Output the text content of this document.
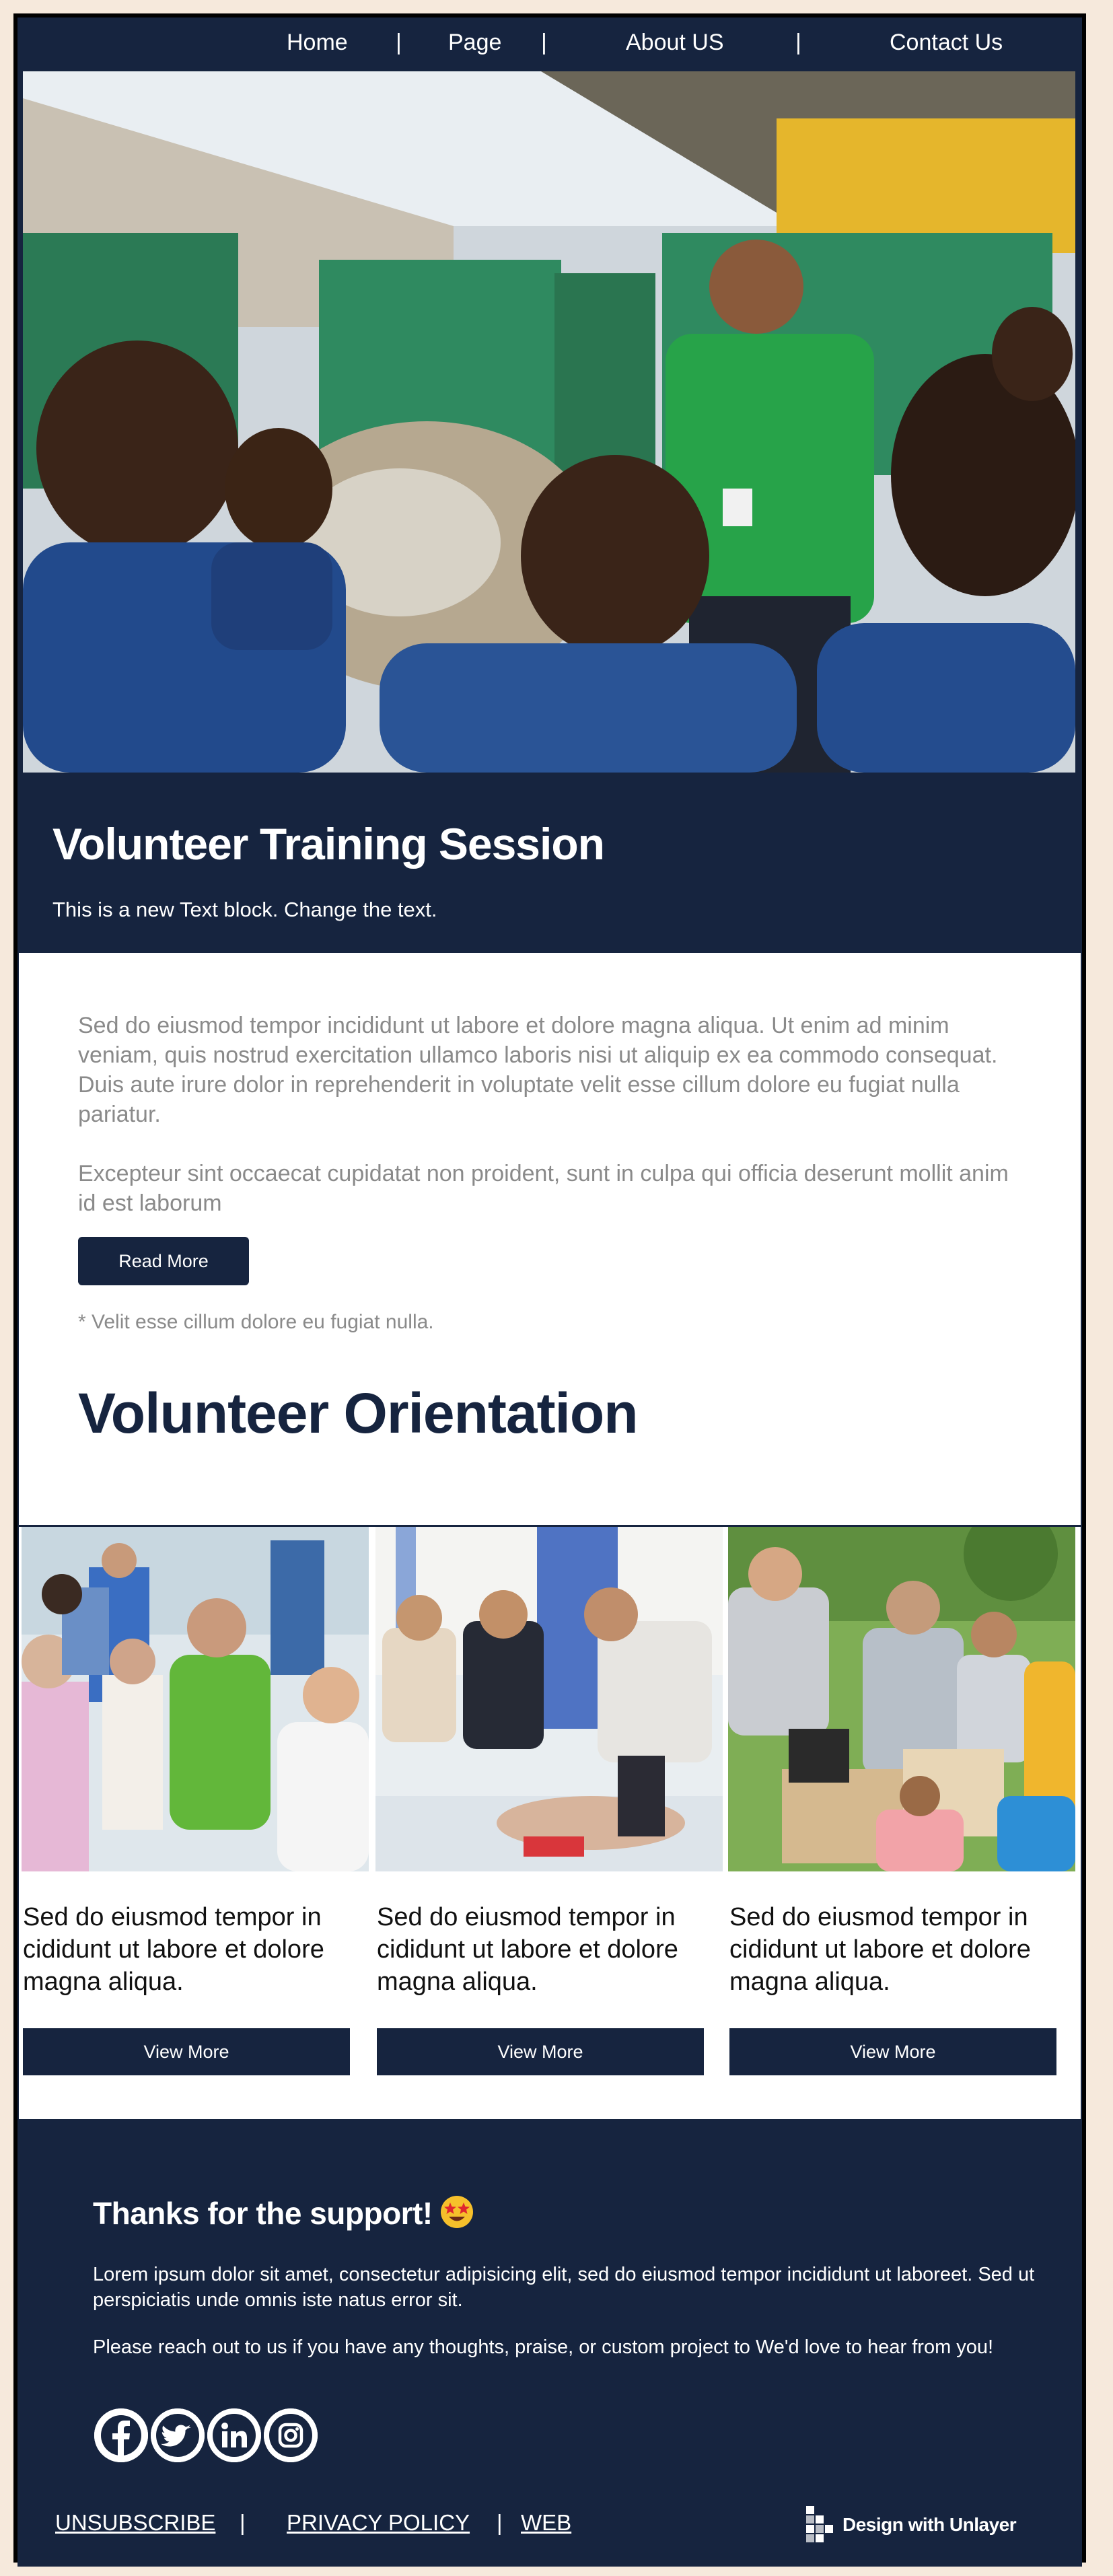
Home | Page |	About US	|	Contact Us
Volunteer Training Session

This is a new Text block. Change the text.

Sed do eiusmod tempor incididunt ut labore et dolore magna aliqua. Ut enim ad minim veniam, quis nostrud exercitation ullamco laboris nisi ut aliquip ex ea commodo consequat. Duis aute irure dolor in reprehenderit in voluptate velit esse cillum dolore eu fugiat nulla pariatur.

Excepteur sint occaecat cupidatat non proident, sunt in culpa qui officia deserunt mollit anim id est laborum

Read More

* Velit esse cillum dolore eu fugiat nulla.

Volunteer Orientation

Sed do eiusmod tempor in cididunt ut labore et dolore magna aliqua.

View More

Sed do eiusmod tempor in cididunt ut labore et dolore magna aliqua.

View More

Sed do eiusmod tempor in cididunt ut labore et dolore magna aliqua.

View More
Thanks for the support!

Lorem ipsum dolor sit amet, consectetur adipisicing elit, sed do eiusmod tempor incididunt ut laboreet. Sed ut perspiciatis unde omnis iste natus error sit.

Please reach out to us if you have any thoughts, praise, or custom project to We'd love to hear from you!

UNSUBSCRIBE | PRIVACY POLICY | WEB	Design with Unlayer
